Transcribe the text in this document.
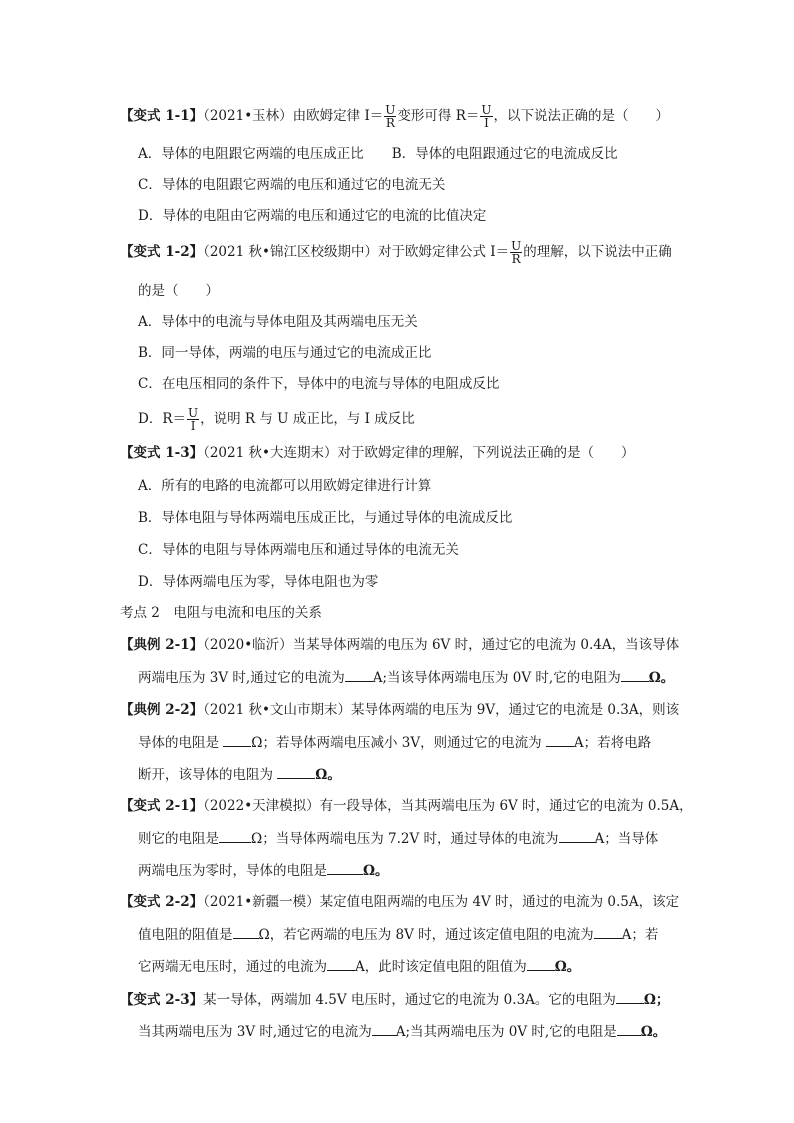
【变式 1-1】（2021•玉林）由欧姆定律 $I= \frac{U}{R}$ 变形可得 $R= \frac{U}{I}$ ，以下说法正确的是（　　）
A．导体的电阻跟它两端的电压成正比 B．导体的电阻跟通过它的电流成反比
C．导体的电阻跟它两端的电压和通过它的电流无关
D．导体的电阻由它两端的电压和通过它的电流的比值决定
【变式 1-2】（2021 秋•锦江区校级期中）对于欧姆定律公式 $I= \frac{U}{R}$ 的理解，以下说法中正确
的是（　　）
A．导体中的电流与导体电阻及其两端电压无关
B．同一导体，两端的电压与通过它的电流成正比
C．在电压相同的条件下，导体中的电流与导体的电阻成反比
D．$R= \frac{U}{I}$ ，说明 R 与 U 成正比，与 I 成反比
【变式 1-3】（2021 秋•大连期末）对于欧姆定律的理解，下列说法正确的是（　　）
A．所有的电路的电流都可以用欧姆定律进行计算
B．导体电阻与导体两端电压成正比，与通过导体的电流成反比
C．导体的电阻与导体两端电压和通过导体的电流无关
D．导体两端电压为零，导体电阻也为零
考点 2　电阻与电流和电压的关系
【典例 2-1】（2020•临沂）当某导体两端的电压为 6V 时，通过它的电流为 0.4A，当该导体
两端电压为 3V 时,通过它的电流为 A;当该导体两端电压为 0V 时,它的电阻为 Ω。
【典例 2-2】（2021 秋•文山市期末）某导体两端的电压为 9V，通过它的电流是 0.3A，则该
导体的电阻是 Ω；若导体两端电压减小 3V，则通过它的电流为 A；若将电路
断开，该导体的电阻为	Ω。
【变式 2-1】（2022•天津模拟）有一段导体，当其两端电压为 6V 时，通过它的电流为 0.5A，
则它的电阻是 Ω；当导体两端电压为 7.2V 时，通过导体的电流为	A；当导体
两端电压为零时，导体的电阻是	Ω。
【变式 2-2】（2021•新疆一模）某定值电阻两端的电压为 4V 时，通过的电流为 0.5A，该定
值电阻的阻值是 Ω，若它两端的电压为 8V 时，通过该定值电阻的电流为 A；若
它两端无电压时，通过的电流为 A，此时该定值电阻的阻值为 Ω。
【变式 2-3】某一导体，两端加 4.5V 电压时，通过它的电流为 0.3A。它的电阻为 Ω；
当其两端电压为 3V 时,通过它的电流为 A;当其两端电压为 0V 时,它的电阻是 Ω。
